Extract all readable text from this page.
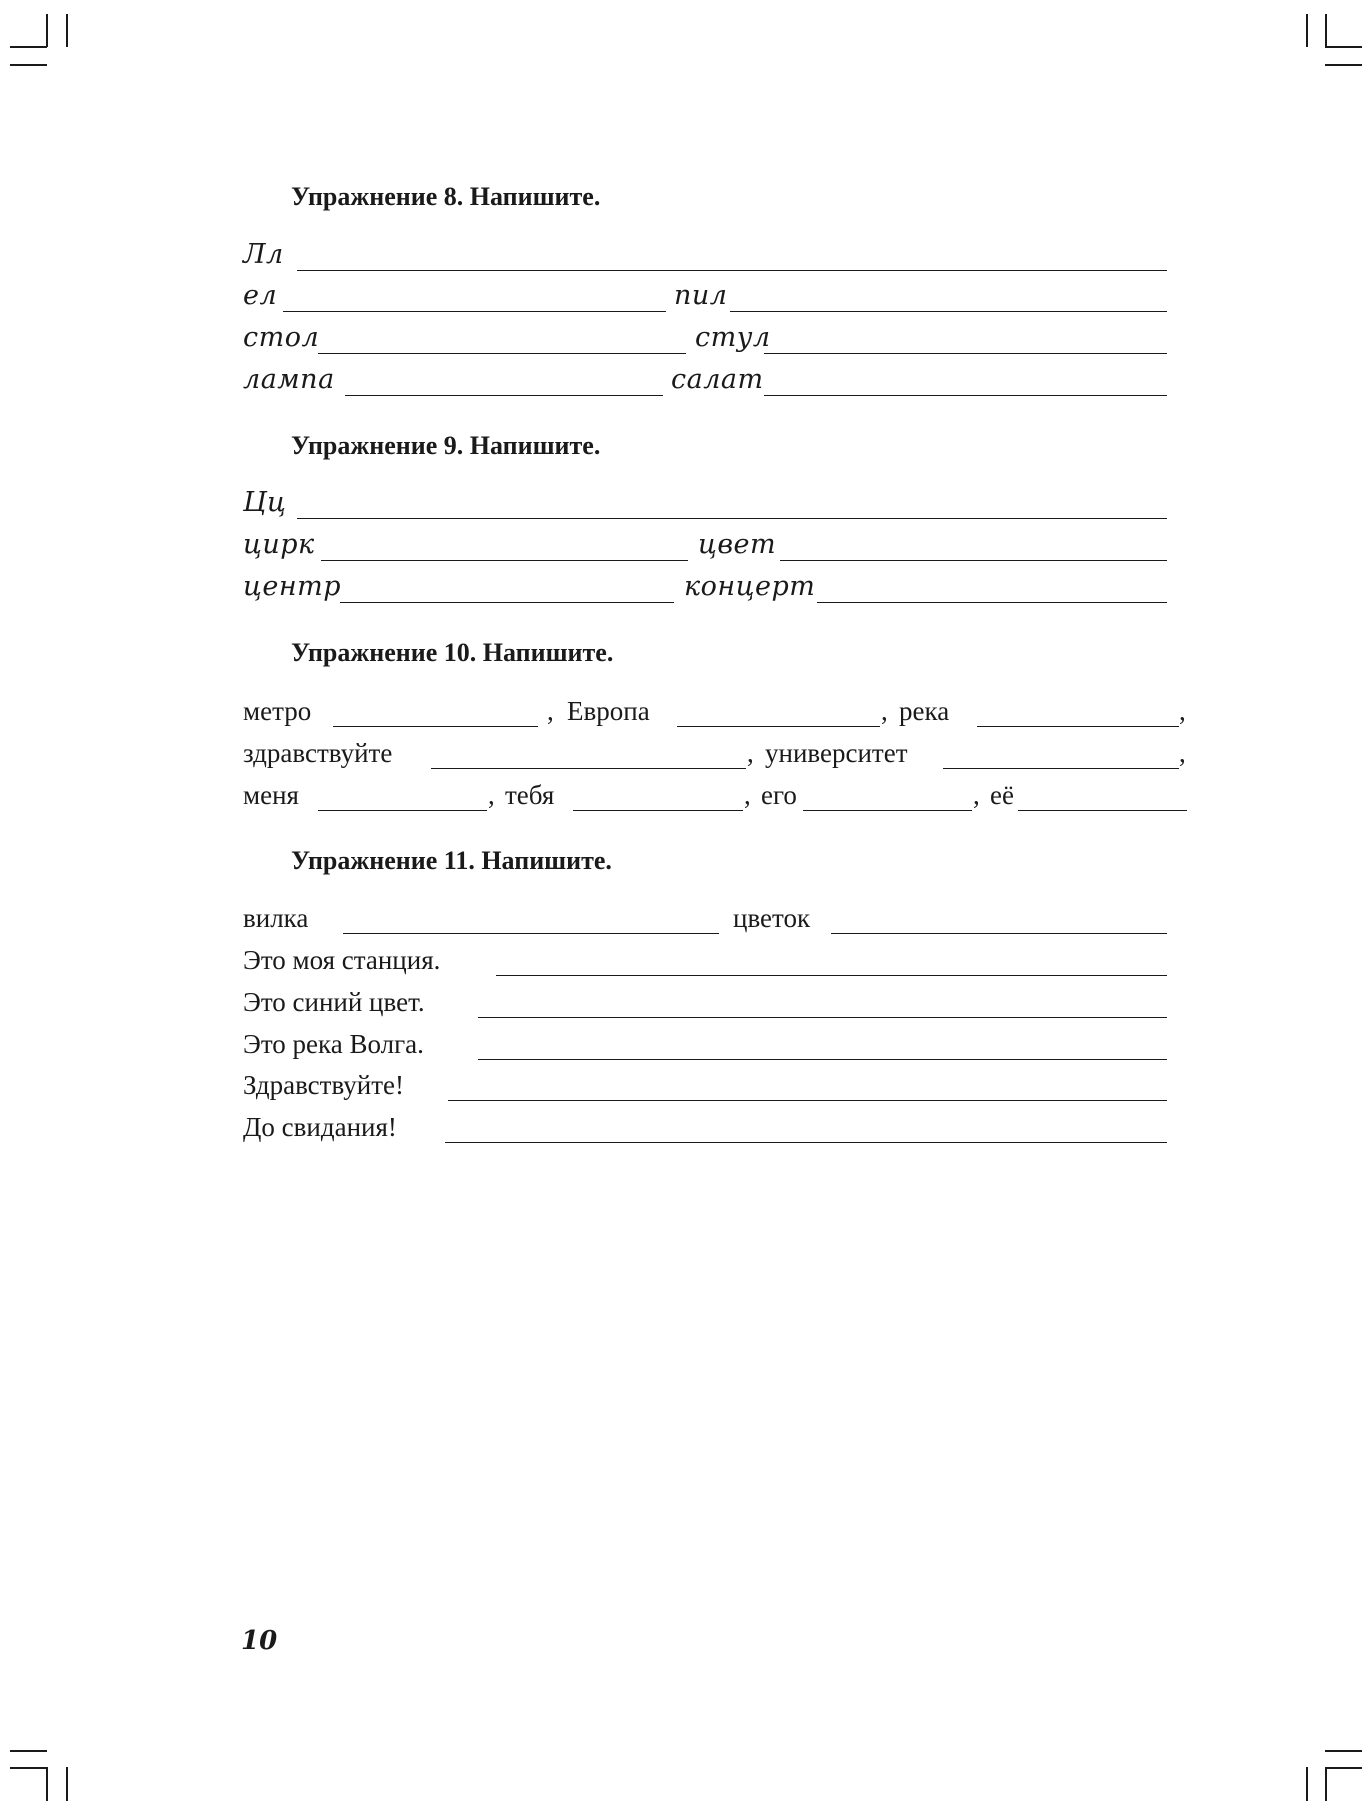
Упражнение 8. Напишите.
Лл
ел	пил
стол	стул
лампа	салат
Упражнение 9. Напишите.
Цц
цирк	цвет
центр	концерт
Упражнение 10. Напишите.
метро	, Европа	, река	,
здравствуйте	, университет	,
меня	, тебя	, его	, её
Упражнение 11. Напишите.
вилка	цветок
Это моя станция.
Это синий цвет.
Это река Волга.
Здравствуйте!
До свидания!
10
